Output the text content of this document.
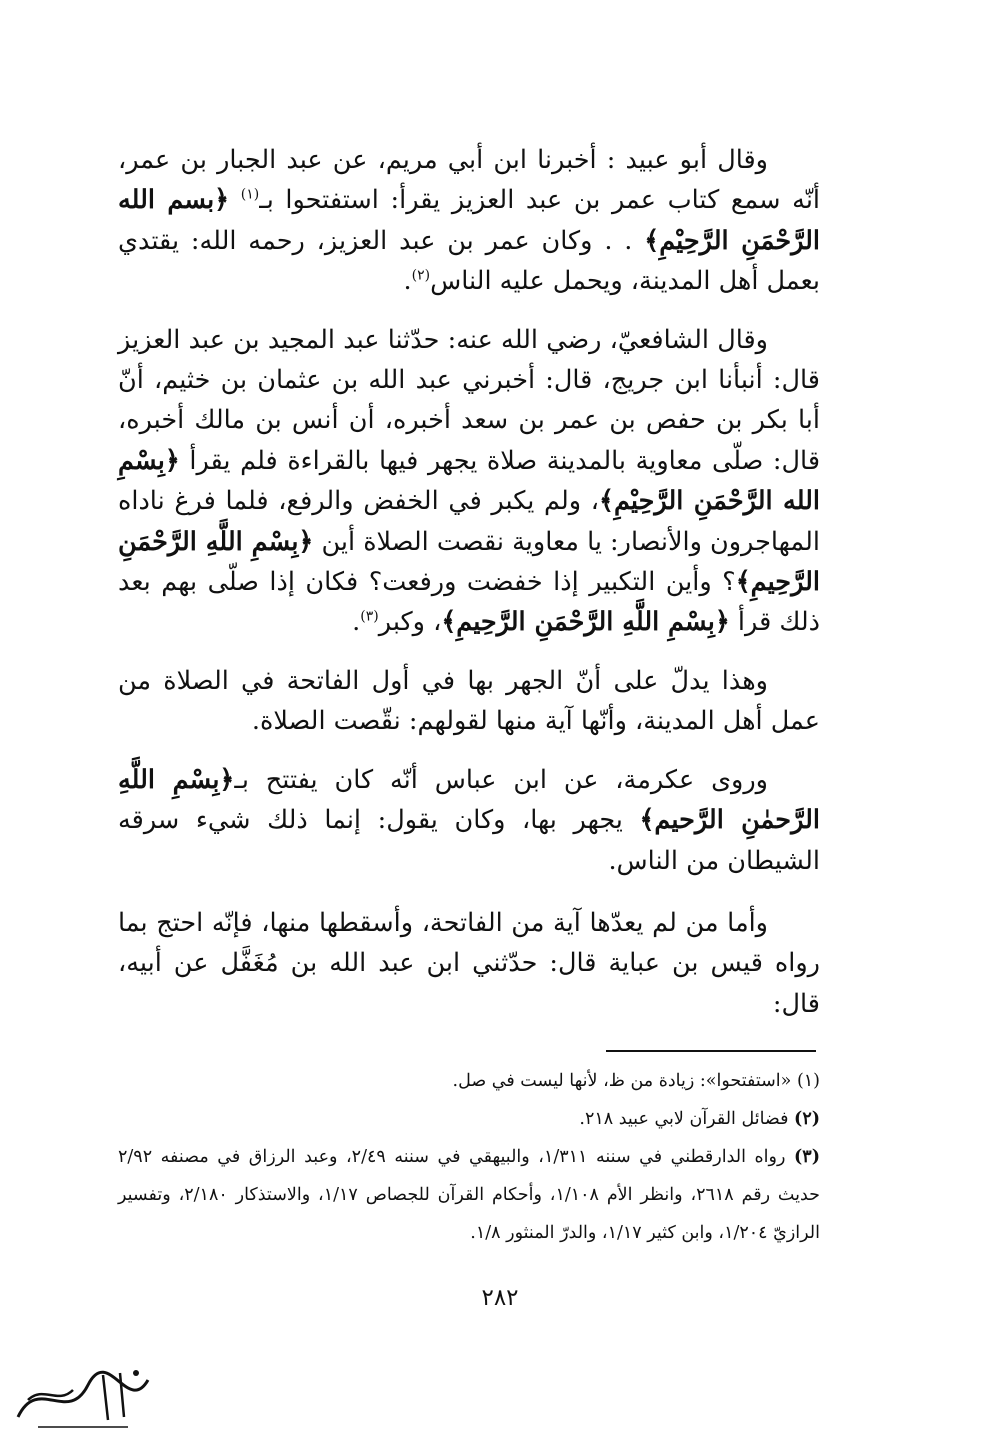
وقال أبو عبيد : أخبرنا ابن أبي مريم، عن عبد الجبار بن عمر، أنّه سمع كتاب عمر بن عبد العزيز يقرأ: استفتحوا بـ$^{(١)}$ ﴿بسم الله الرَّحْمَنِ الرَّحِيْمِ﴾ . . وكان عمر بن عبد العزيز، رحمه الله: يقتدي بعمل أهل المدينة، ويحمل عليه الناس$^{(٢)}$.

وقال الشافعيّ، رضي الله عنه: حدّثنا عبد المجيد بن عبد العزيز قال: أنبأنا ابن جريج، قال: أخبرني عبد الله بن عثمان بن خثيم، أنّ أبا بكر بن حفص بن عمر بن سعد أخبره، أن أنس بن مالك أخبره، قال: صلّى معاوية بالمدينة صلاة يجهر فيها بالقراءة فلم يقرأ ﴿بِسْمِ الله الرَّحْمَنِ الرَّحِيْمِ﴾، ولم يكبر في الخفض والرفع، فلما فرغ ناداه المهاجرون والأنصار: يا معاوية نقصت الصلاة أين ﴿بِسْمِ اللَّهِ الرَّحْمَنِ الرَّحِيمِ﴾؟ وأين التكبير إذا خفضت ورفعت؟ فكان إذا صلّى بهم بعد ذلك قرأ ﴿بِسْمِ اللَّهِ الرَّحْمَنِ الرَّحِيمِ﴾، وكبر$^{(٣)}$.

وهذا يدلّ على أنّ الجهر بها في أول الفاتحة في الصلاة من عمل أهل المدينة، وأنّها آية منها لقولهم: نقّصت الصلاة.

وروى عكرمة، عن ابن عباس أنّه كان يفتتح بـ﴿بِسْمِ اللَّهِ الرَّحمٰنِ الرَّحيم﴾ يجهر بها، وكان يقول: إنما ذلك شيء سرقه الشيطان من الناس.

وأما من لم يعدّها آية من الفاتحة، وأسقطها منها، فإنّه احتج بما رواه قيس بن عباية قال: حدّثني ابن عبد الله بن مُغَفَّل عن أبيه، قال:

(١) «استفتحوا»: زيادة من ظ، لأنها ليست في صل.

(٢) فضائل القرآن لابي عبيد ٢١٨.

(٣) رواه الدارقطني في سننه ١/٣١١، والبيهقي في سننه ٢/٤٩، وعبد الرزاق في مصنفه ٢/٩٢ حديث رقم ٢٦١٨، وانظر الأم ١/١٠٨، وأحكام القرآن للجصاص ١/١٧، والاستذكار ٢/١٨٠، وتفسير الرازيّ ١/٢٠٤، وابن كثير ١/١٧، والدرّ المنثور ١/٨.

٢٨٢
